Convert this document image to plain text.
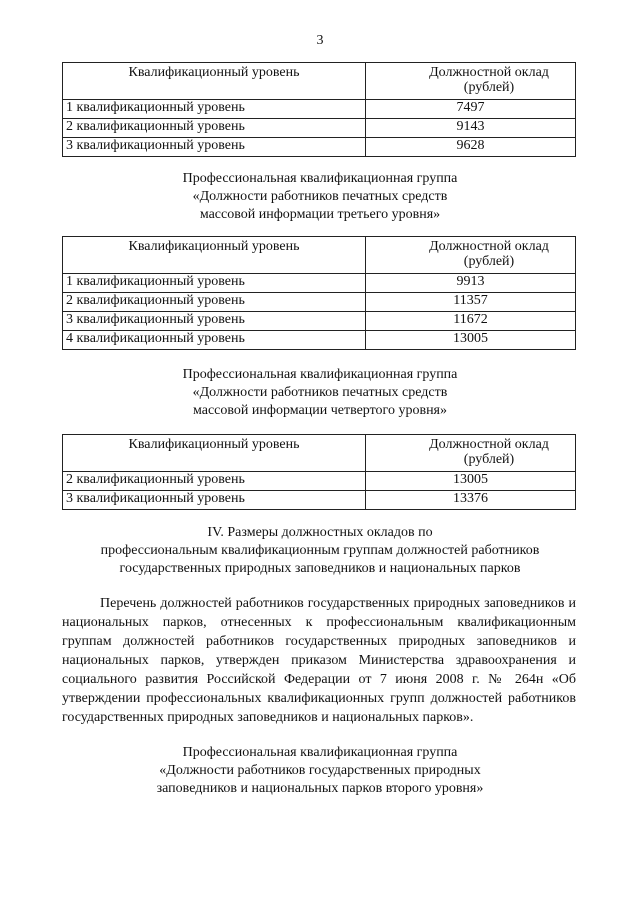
3
Квалификационный уровень	Должностной оклад
(рублей)

1 квалификационный уровень	7497
2 квалификационный уровень	9143
3 квалификационный уровень	9628
Профессиональная квалификационная группа
«Должности работников печатных средств
массовой информации третьего уровня»
Квалификационный уровень	Должностной оклад
(рублей)

1 квалификационный уровень	9913
2 квалификационный уровень	11357
3 квалификационный уровень	11672
4 квалификационный уровень	13005
Профессиональная квалификационная группа
«Должности работников печатных средств
массовой информации четвертого уровня»
Квалификационный уровень	Должностной оклад
(рублей)

2 квалификационный уровень	13005
3 квалификационный уровень	13376
IV. Размеры должностных окладов по
профессиональным квалификационным группам должностей работников
государственных природных заповедников и национальных парков

Перечень должностей работников государственных природных заповедников и национальных парков, отнесенных к профессиональным квалификационным группам должностей работников государственных природных заповедников и национальных парков, утвержден приказом Министерства здравоохранения и социального развития Российской Федерации от 7 июня 2008 г. № 264н «Об утверждении профессиональных квалификационных групп должностей работников государственных природных заповедников и национальных парков».

Профессиональная квалификационная группа
«Должности работников государственных природных
заповедников и национальных парков второго уровня»
